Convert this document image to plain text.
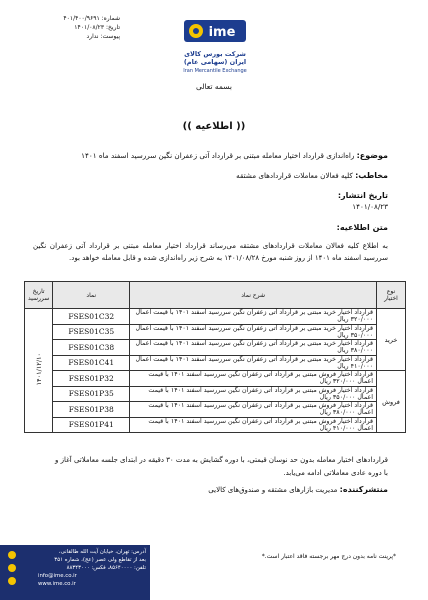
شماره: ۴۰۱/۴۰۰/۹۶۹۱
تاریخ: ۱۴۰۱/۰۸/۲۳
پیوست: ندارد	ime
شرکت بورس کالای ایران (سهامی عام)
Iran Mercantile Exchange
بسمه تعالی
(( اطلاعیه ))
موضوع: راه‌اندازی قرارداد اختیار معامله مبتنی بر قرارداد آتی زعفران نگین سررسید اسفند ماه ۱۴۰۱
مخاطب: کلیه فعالان معاملات قراردادهای مشتقه
تاریخ انتشار:
۱۴۰۱/۰۸/۲۳
متن اطلاعیه:
به اطلاع کلیه فعالان معاملات قراردادهای مشتقه می‌رساند قرارداد اختیار معامله مبتنی بر قرارداد آتی زعفران نگین سررسید اسفند ماه ۱۴۰۱ از روز شنبه مورخ ۱۴۰۱/۰۸/۲۸ به شرح زیر راه‌اندازی شده و قابل معامله خواهد بود.
نوع اختیار	شرح نماد	نماد	تاریخ سررسید
خرید	قرارداد اختیار خرید مبتنی بر قرارداد آتی زعفران نگین سررسید اسفند ۱۴۰۱ با قیمت اعمال ۳۲۰/۰۰۰ ریال	FSES01C32	۱۴۰۱/۱۲/۱۰
	قرارداد اختیار خرید مبتنی بر قرارداد آتی زعفران نگین سررسید اسفند ۱۴۰۱ با قیمت اعمال ۳۵۰/۰۰۰ ریال	FSES01C35	
	قرارداد اختیار خرید مبتنی بر قرارداد آتی زعفران نگین سررسید اسفند ۱۴۰۱ با قیمت اعمال ۳۸۰/۰۰۰ ریال	FSES01C38	
	قرارداد اختیار خرید مبتنی بر قرارداد آتی زعفران نگین سررسید اسفند ۱۴۰۱ با قیمت اعمال ۴۱۰/۰۰۰ ریال	FSES01C41	
فروش	قرارداد اختیار فروش مبتنی بر قرارداد آتی زعفران نگین سررسید اسفند ۱۴۰۱ با قیمت اعمال ۳۲۰/۰۰۰ ریال	FSES01P32	
	قرارداد اختیار فروش مبتنی بر قرارداد آتی زعفران نگین سررسید اسفند ۱۴۰۱ با قیمت اعمال ۳۵۰/۰۰۰ ریال	FSES01P35	
	قرارداد اختیار فروش مبتنی بر قرارداد آتی زعفران نگین سررسید اسفند ۱۴۰۱ با قیمت اعمال ۳۸۰/۰۰۰ ریال	FSES01P38	
	قرارداد اختیار فروش مبتنی بر قرارداد آتی زعفران نگین سررسید اسفند ۱۴۰۱ با قیمت اعمال ۴۱۰/۰۰۰ ریال	FSES01P41	
قراردادهای اختیار معامله بدون حد نوسان قیمتی، با دوره گشایش به مدت ۳۰ دقیقه در ابتدای جلسه معاملاتی آغاز و
با دوره عادی معاملاتی ادامه می‌یابد.
منتشرکننده: مدیریت بازارهای مشتقه و صندوق‌های کالایی
*پرینت نامه بدون درج مهر برجسته فاقد اعتبار است.*
آدرس: تهران، خیابان آیت الله طالقانی،
بعد از تقاطع ولی عصر (عج)، شماره ۳۵۱
تلفن: ۸۵۶۴۰۰۰۰، فکس: ۸۸۳۴۳۰۰۰
info@ime.co.ir
www.ime.co.ir
